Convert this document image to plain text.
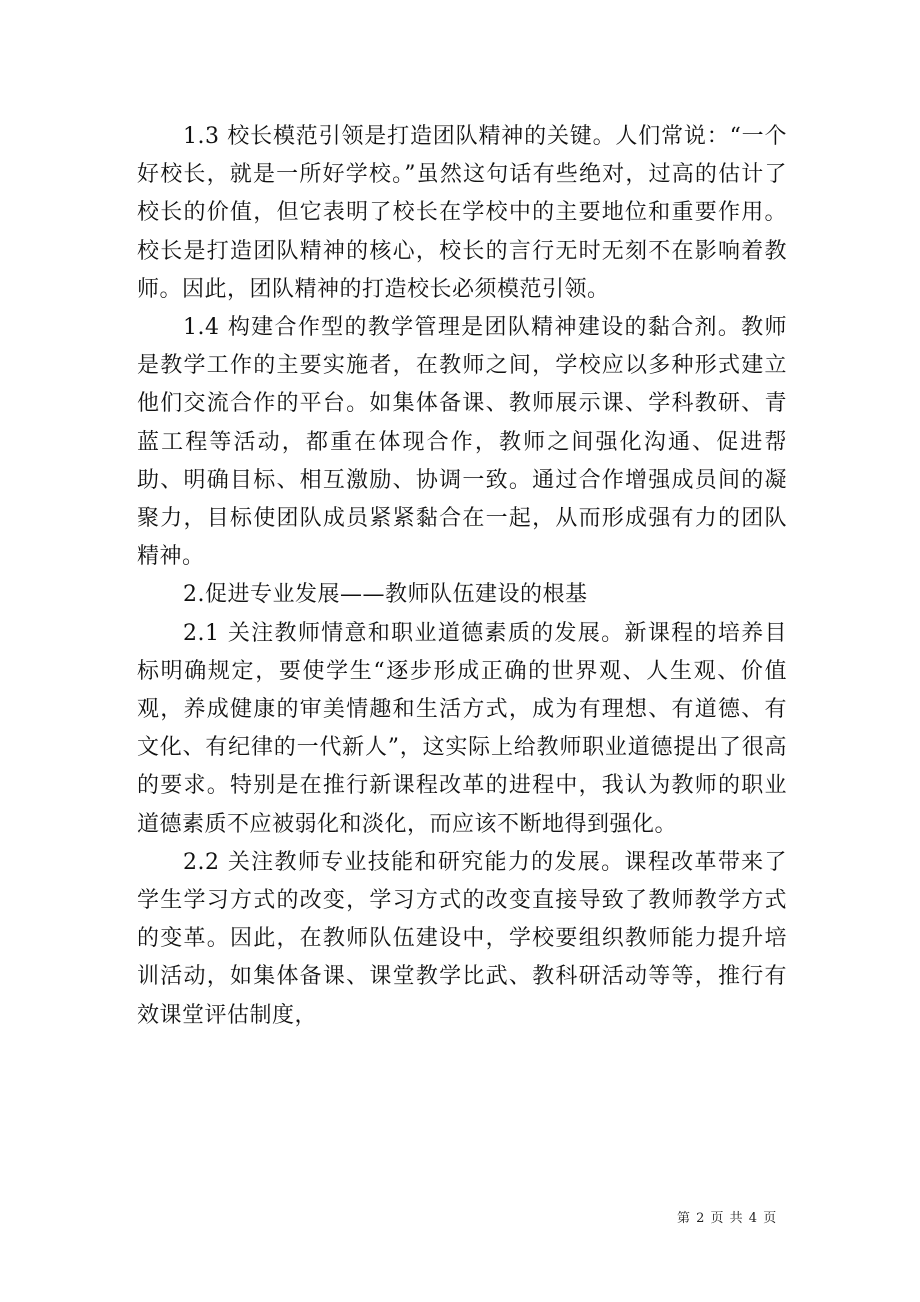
1.3 校长模范引领是打造团队精神的关键。人们常说：“一个好校长，就是一所好学校。”虽然这句话有些绝对，过高的估计了校长的价值，但它表明了校长在学校中的主要地位和重要作用。校长是打造团队精神的核心，校长的言行无时无刻不在影响着教师。因此，团队精神的打造校长必须模范引领。

1.4 构建合作型的教学管理是团队精神建设的黏合剂。教师是教学工作的主要实施者，在教师之间，学校应以多种形式建立他们交流合作的平台。如集体备课、教师展示课、学科教研、青蓝工程等活动，都重在体现合作，教师之间强化沟通、促进帮助、明确目标、相互激励、协调一致。通过合作增强成员间的凝聚力，目标使团队成员紧紧黏合在一起，从而形成强有力的团队精神。

2.促进专业发展——教师队伍建设的根基

2.1 关注教师情意和职业道德素质的发展。新课程的培养目标明确规定，要使学生“逐步形成正确的世界观、人生观、价值观，养成健康的审美情趣和生活方式，成为有理想、有道德、有文化、有纪律的一代新人”，这实际上给教师职业道德提出了很高的要求。特别是在推行新课程改革的进程中，我认为教师的职业道德素质不应被弱化和淡化，而应该不断地得到强化。

2.2 关注教师专业技能和研究能力的发展。课程改革带来了学生学习方式的改变，学习方式的改变直接导致了教师教学方式的变革。因此，在教师队伍建设中，学校要组织教师能力提升培训活动，如集体备课、课堂教学比武、教科研活动等等，推行有效课堂评估制度，

第 2 页 共 4 页
